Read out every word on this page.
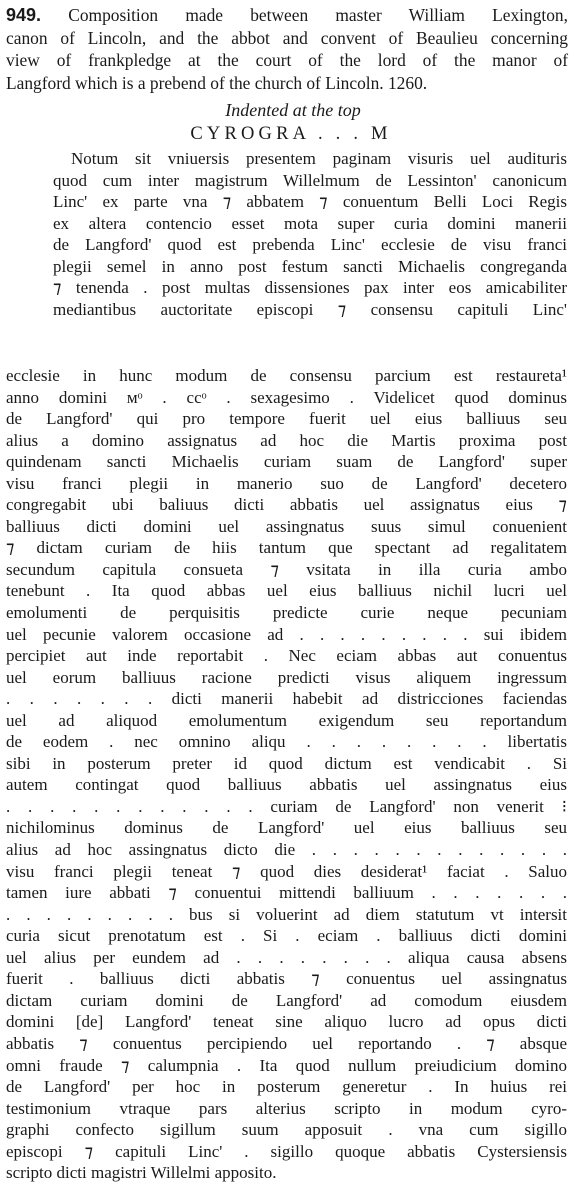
949. Composition made between master William Lexington,
canon of Lincoln, and the abbot and convent of Beaulieu concerning
view of frankpledge at the court of the lord of the manor of
Langford which is a prebend of the church of Lincoln. 1260.
Indented at the top
CYROGRA . . . M
Notum sit vniuersis presentem paginam visuris uel audituris
quod cum inter magistrum Willelmum de Lessinton' canonicum
Linc' ex parte vna ⁊ abbatem ⁊ conuentum Belli Loci Regis
ex altera contencio esset mota super curia domini manerii
de Langford' quod est prebenda Linc' ecclesie de visu franci
plegii semel in anno post festum sancti Michaelis congreganda
⁊ tenenda . post multas dissensiones pax inter eos amicabiliter
mediantibus auctoritate episcopi ⁊ consensu capituli Linc'
ecclesie in hunc modum de consensu parcium est restaureta¹
anno domini ᴍᵒ . ccᵒ . sexagesimo . Videlicet quod dominus
de Langford' qui pro tempore fuerit uel eius balliuus seu
alius a domino assignatus ad hoc die Martis proxima post
quindenam sancti Michaelis curiam suam de Langford' super
visu franci plegii in manerio suo de Langford' decetero
congregabit ubi baliuus dicti abbatis uel assignatus eius ⁊
balliuus dicti domini uel assingnatus suus simul conuenient
⁊ dictam curiam de hiis tantum que spectant ad regalitatem
secundum capitula consueta ⁊ vsitata in illa curia ambo
tenebunt . Ita quod abbas uel eius balliuus nichil lucri uel
emolumenti de perquisitis predicte curie neque pecuniam
uel pecunie valorem occasione ad . . . . . . . . . sui ibidem
percipiet aut inde reportabit . Nec eciam abbas aut conuentus
uel eorum balliuus racione predicti visus aliquem ingressum
. . . . . . . dicti manerii habebit ad districciones faciendas
uel ad aliquod emolumentum exigendum seu reportandum
de eodem . nec omnino aliqu . . . . . . . . libertatis
sibi in posterum preter id quod dictum est vendicabit . Si
autem contingat quod balliuus abbatis uel assingnatus eius
. . . . . . . . . . . . curiam de Langford' non venerit ⁝
nichilominus dominus de Langford' uel eius balliuus seu
alius ad hoc assingnatus dicto die . . . . . . . . . . . . .
visu franci plegii teneat ⁊ quod dies desiderat¹ faciat . Saluo
tamen iure abbati ⁊ conuentui mittendi balliuum . . . . . . .
. . . . . . . . . bus si voluerint ad diem statutum vt intersit
curia sicut prenotatum est . Si . eciam . balliuus dicti domini
uel alius per eundem ad . . . . . . . . aliqua causa absens
fuerit . balliuus dicti abbatis ⁊ conuentus uel assingnatus
dictam curiam domini de Langford' ad comodum eiusdem
domini [de] Langford' teneat sine aliquo lucro ad opus dicti
abbatis ⁊ conuentus percipiendo uel reportando . ⁊ absque
omni fraude ⁊ calumpnia . Ita quod nullum preiudicium domino
de Langford' per hoc in posterum generetur . In huius rei
testimonium vtraque pars alterius scripto in modum cyro-
graphi confecto sigillum suum apposuit . vna cum sigillo
episcopi ⁊ capituli Linc' . sigillo quoque abbatis Cystersiensis
scripto dicti magistri Willelmi apposito.
